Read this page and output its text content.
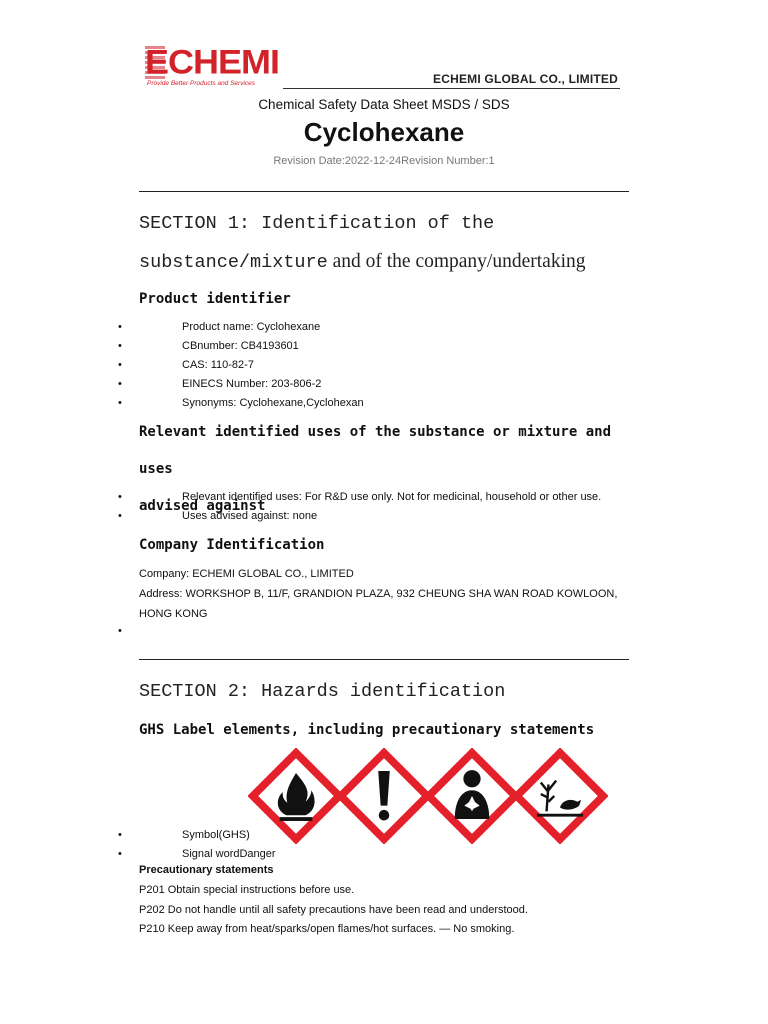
ECHEMI
Provide Better Products and Services	ECHEMI GLOBAL CO., LIMITED
Chemical Safety Data Sheet MSDS / SDS
Cyclohexane
Revision Date:2022-12-24Revision Number:1
SECTION 1: Identification of the
substance/mixture and of the company/undertaking
Product identifier
•	Product name: Cyclohexane
•	CBnumber: CB4193601
•	CAS: 110-82-7
•	EINECS Number: 203-806-2
•	Synonyms: Cyclohexane,Cyclohexan
Relevant identified uses of the substance or mixture and uses
advised against
•	Relevant identified uses: For R&D use only. Not for medicinal, household or other use.
•	Uses advised against: none
Company Identification
Company: ECHEMI GLOBAL CO., LIMITED
Address: WORKSHOP B, 11/F, GRANDION PLAZA, 932 CHEUNG SHA WAN ROAD KOWLOON,
HONG KONG
•
SECTION 2: Hazards identification
GHS Label elements, including precautionary statements
•	Symbol(GHS)
•	Signal wordDanger
Precautionary statements
P201 Obtain special instructions before use.
P202 Do not handle until all safety precautions have been read and understood.
P210 Keep away from heat/sparks/open flames/hot surfaces. — No smoking.
